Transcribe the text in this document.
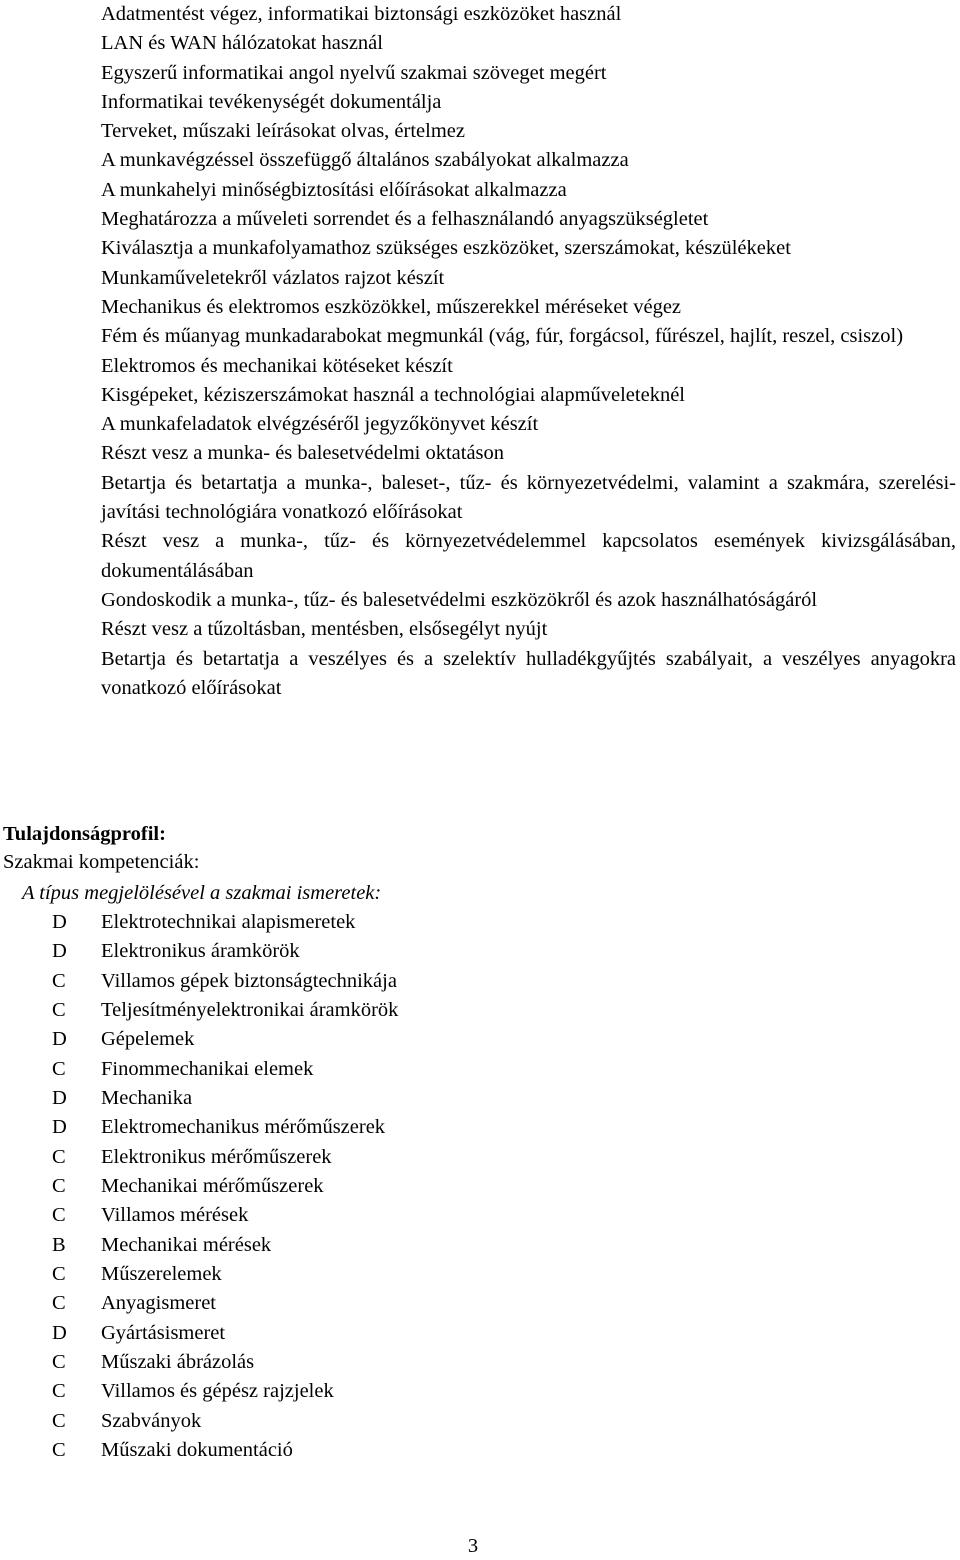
Adatmentést végez, informatikai biztonsági eszközöket használ
LAN és WAN hálózatokat használ
Egyszerű informatikai angol nyelvű szakmai szöveget megért
Informatikai tevékenységét dokumentálja
Terveket, műszaki leírásokat olvas, értelmez
A munkavégzéssel összefüggő általános szabályokat alkalmazza
A munkahelyi minőségbiztosítási előírásokat alkalmazza
Meghatározza a műveleti sorrendet és a felhasználandó anyagszükségletet
Kiválasztja a munkafolyamathoz szükséges eszközöket, szerszámokat, készülékeket
Munkaműveletekről vázlatos rajzot készít
Mechanikus és elektromos eszközökkel, műszerekkel méréseket végez
Fém és műanyag munkadarabokat megmunkál (vág, fúr, forgácsol, fűrészel, hajlít, reszel, csiszol)
Elektromos és mechanikai kötéseket készít
Kisgépeket, kéziszerszámokat használ a technológiai alapműveleteknél
A munkafeladatok elvégzéséről jegyzőkönyvet készít
Részt vesz a munka- és balesetvédelmi oktatáson
Betartja és betartatja a munka-, baleset-, tűz- és környezetvédelmi, valamint a szakmára, szerelési-javítási technológiára vonatkozó előírásokat
Részt vesz a munka-, tűz- és környezetvédelemmel kapcsolatos események kivizsgálásában, dokumentálásában
Gondoskodik a munka-, tűz- és balesetvédelmi eszközökről és azok használhatóságáról
Részt vesz a tűzoltásban, mentésben, elsősegélyt nyújt
Betartja és betartatja a veszélyes és a szelektív hulladékgyűjtés szabályait, a veszélyes anyagokra vonatkozó előírásokat
Tulajdonságprofil:
Szakmai kompetenciák:
A típus megjelölésével a szakmai ismeretek:
D Elektrotechnikai alapismeretek
D Elektronikus áramkörök
C Villamos gépek biztonságtechnikája
C Teljesítményelektronikai áramkörök
D Gépelemek
C Finommechanikai elemek
D Mechanika
D Elektromechanikus mérőműszerek
C Elektronikus mérőműszerek
C Mechanikai mérőműszerek
C Villamos mérések
B Mechanikai mérések
C Műszerelemek
C Anyagismeret
D Gyártásismeret
C Műszaki ábrázolás
C Villamos és gépész rajzjelek
C Szabványok
C Műszaki dokumentáció
3
